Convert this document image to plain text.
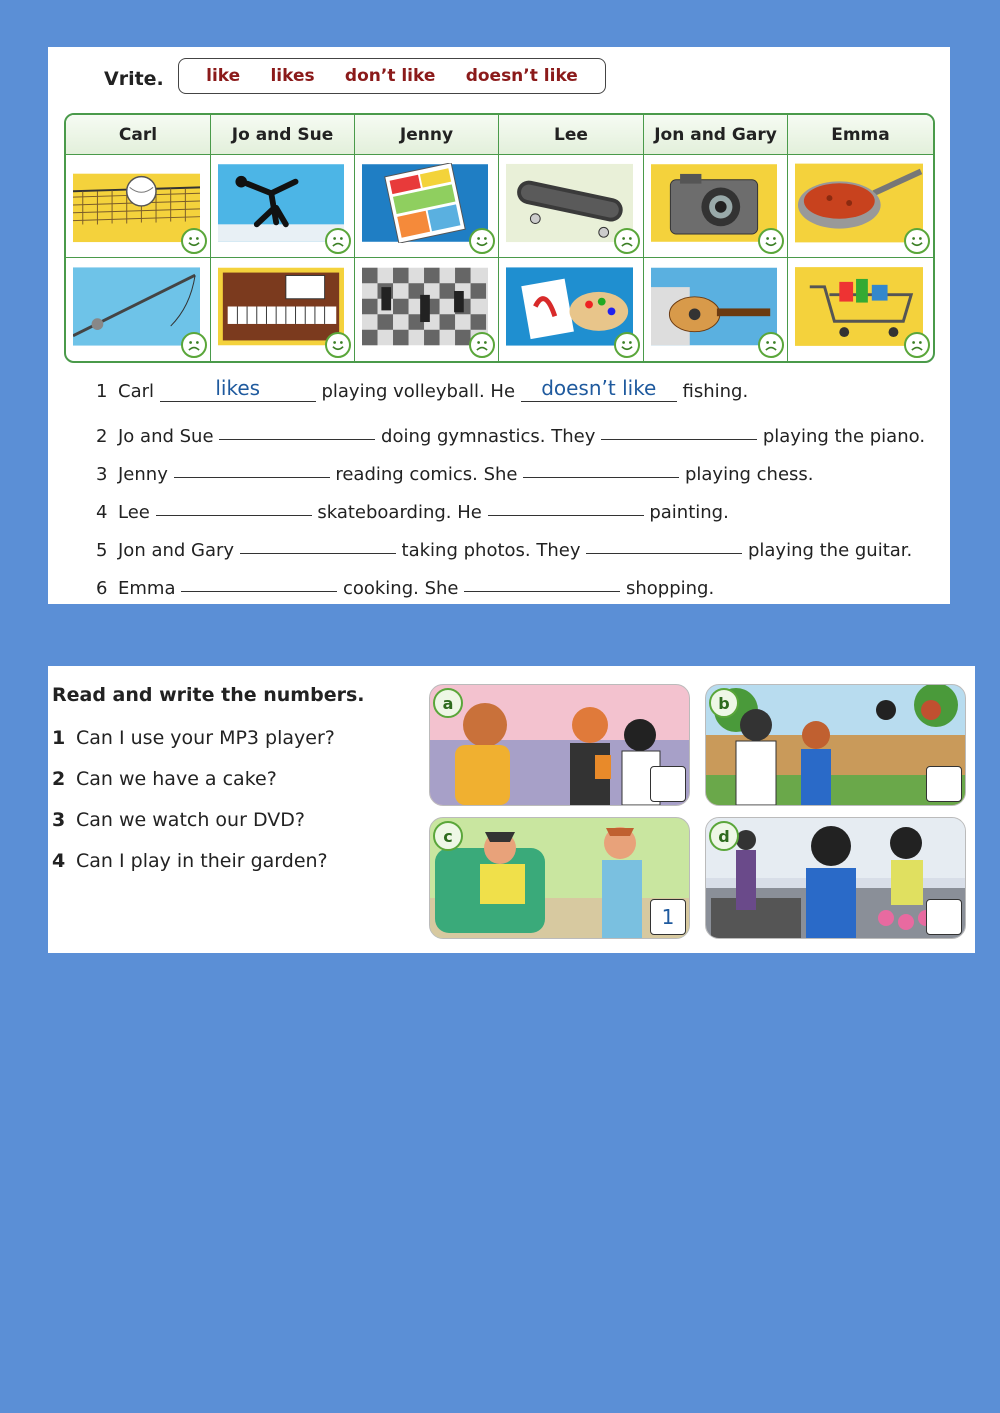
Vrite. like likes don’t like doesn’t like
Carl	Jo and Sue	Jenny	Lee	Jon and Gary	Emma
1 Carl	likes	playing volleyball. He doesn’t like fishing.
2 Jo and Sue	doing gymnastics. They	playing the piano.
3 Jenny	reading comics. She	playing chess.
4 Lee	skateboarding. He	painting.
5 Jon and Gary	taking photos. They	playing the guitar.
6 Emma	cooking. She	shopping.
Read and write the numbers.
1 Can I use your MP3 player?
2 Can we have a cake?
3 Can we watch our DVD?
4 Can I play in their garden?
a	b
c
1
d
